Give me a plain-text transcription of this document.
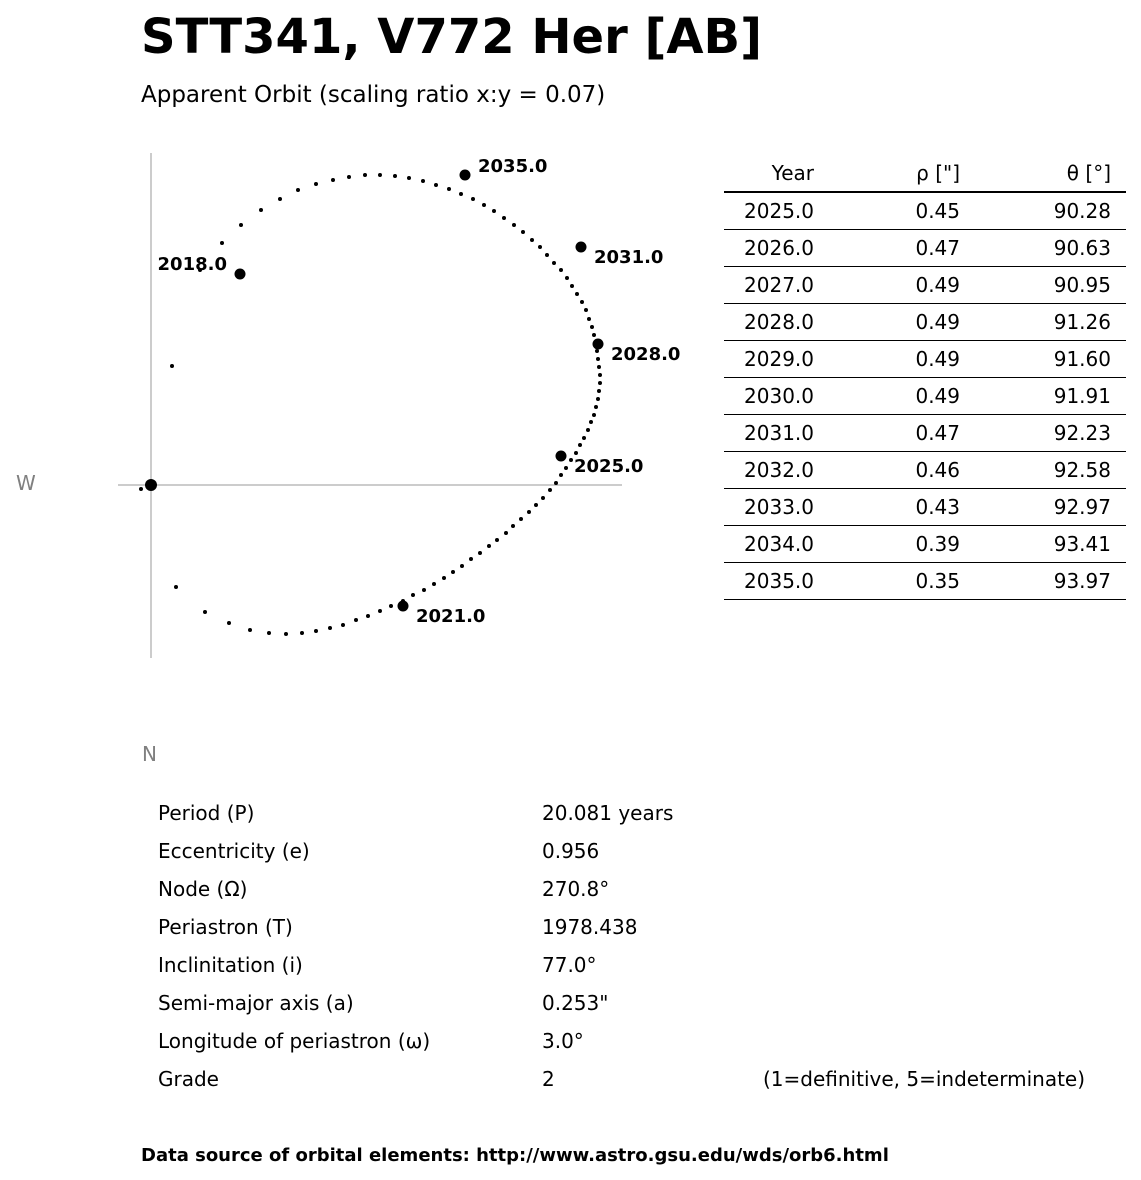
STT341, V772 Her [AB]
Apparent Orbit (scaling ratio x:y = 0.07)
2035.0
2031.0
2028.0
2025.0
2021.0
2018.0
W
N
Year	ρ ["]	θ [°]	
2025.0	0.45	90.28	
2026.0	0.47	90.63	
2027.0	0.49	90.95	
2028.0	0.49	91.26	
2029.0	0.49	91.60	
2030.0	0.49	91.91	
2031.0	0.47	92.23	
2032.0	0.46	92.58	
2033.0	0.43	92.97	
2034.0	0.39	93.41	
2035.0	0.35	93.97	
Period (P)	20.081 years
Eccentricity (e)	0.956
Node (Ω)	270.8°
Periastron (T)	1978.438
Inclinitation (i)	77.0°
Semi-major axis (a)	0.253"
Longitude of periastron (ω)	3.0°
Grade	2	(1=definitive, 5=indeterminate)
Data source of orbital elements: http://www.astro.gsu.edu/wds/orb6.html
